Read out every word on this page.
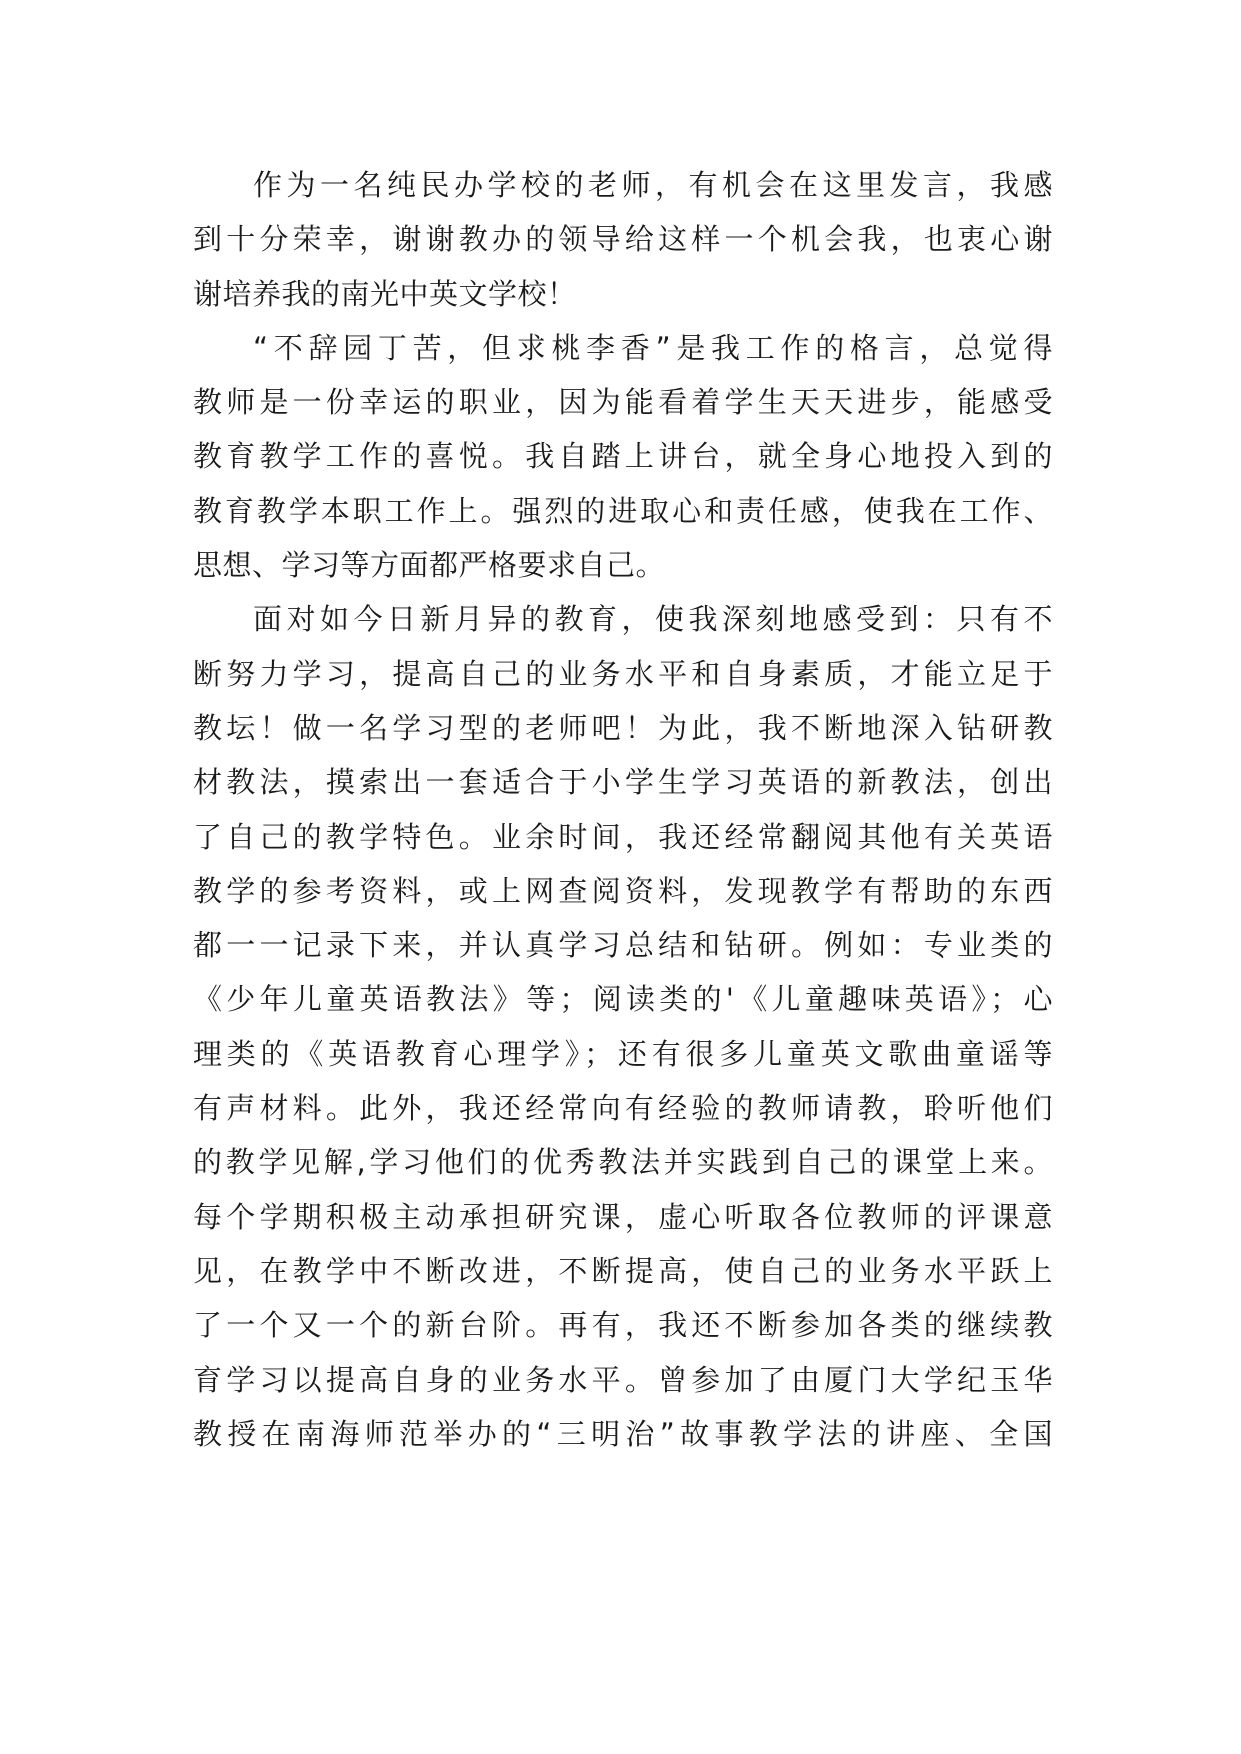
作为一名纯民办学校的老师，有机会在这里发言，我感
到十分荣幸，谢谢教办的领导给这样一个机会我，也衷心谢
谢培养我的南光中英文学校！
“不辞园丁苦，但求桃李香”是我工作的格言，总觉得
教师是一份幸运的职业，因为能看着学生天天进步，能感受
教育教学工作的喜悦。我自踏上讲台，就全身心地投入到的
教育教学本职工作上。强烈的进取心和责任感，使我在工作、
思想、学习等方面都严格要求自己。
面对如今日新月异的教育，使我深刻地感受到：只有不
断努力学习，提高自己的业务水平和自身素质，才能立足于
教坛！做一名学习型的老师吧！为此，我不断地深入钻研教
材教法，摸索出一套适合于小学生学习英语的新教法，创出
了自己的教学特色。业余时间，我还经常翻阅其他有关英语
教学的参考资料，或上网查阅资料，发现教学有帮助的东西
都一一记录下来，并认真学习总结和钻研。例如：专业类的
《少年儿童英语教法》等；阅读类的'《儿童趣味英语》；心
理类的《英语教育心理学》；还有很多儿童英文歌曲童谣等
有声材料。此外，我还经常向有经验的教师请教，聆听他们
的教学见解,学习他们的优秀教法并实践到自己的课堂上来。
每个学期积极主动承担研究课，虚心听取各位教师的评课意
见，在教学中不断改进，不断提高，使自己的业务水平跃上
了一个又一个的新台阶。再有，我还不断参加各类的继续教
育学习以提高自身的业务水平。曾参加了由厦门大学纪玉华
教授在南海师范举办的“三明治”故事教学法的讲座、全国
